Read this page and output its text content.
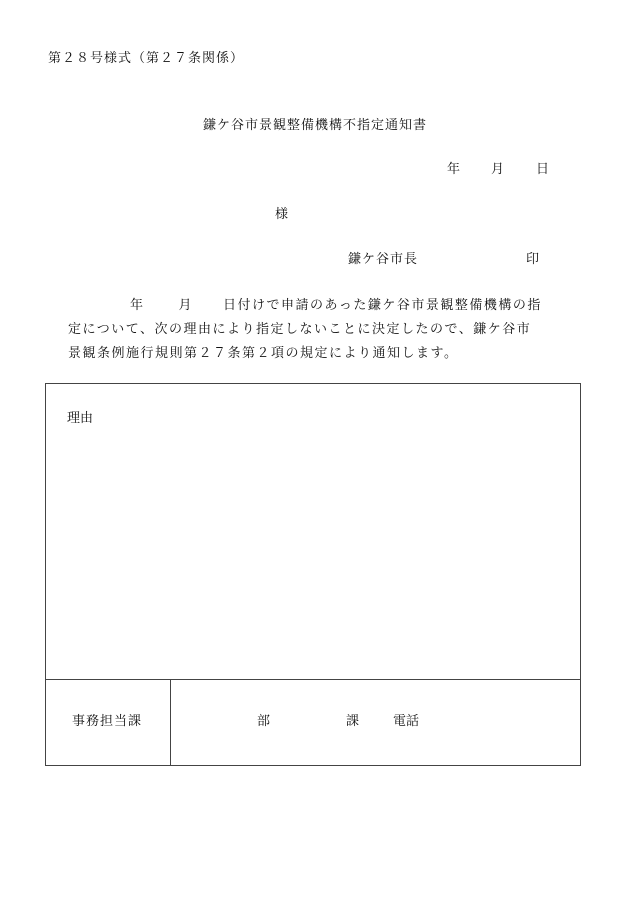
第２８号様式（第２７条関係）
鎌ケ谷市景観整備機構不指定通知書
年 月 日
様
鎌ケ谷市長	印
年	月 日付けで申請のあった鎌ケ谷市景観整備機構の指
定について、次の理由により指定しないことに決定したので、鎌ケ谷市
景観条例施行規則第２７条第２項の規定により通知します。
理由
事務担当課	部	課	電話
